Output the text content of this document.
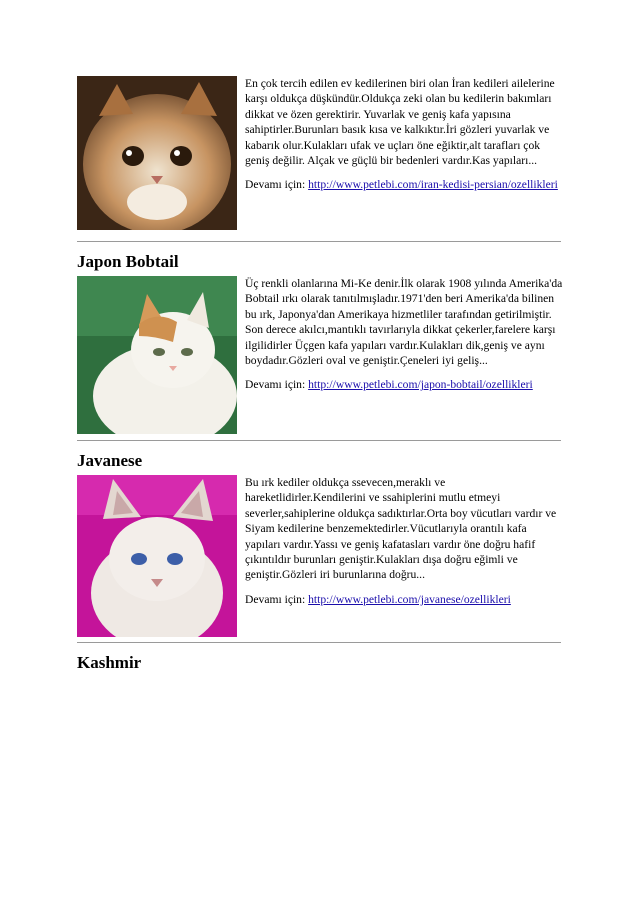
En çok tercih edilen ev kedilerinen biri olan İran kedileri ailelerine karşı oldukça düşkündür.Oldukça zeki olan bu kedilerin bakımları dikkat ve özen gerektirir. Yuvarlak ve geniş kafa yapısına sahiptirler.Burunları basık kısa ve kalkıktır.İri gözleri yuvarlak ve kabarık olur.Kulakları ufak ve uçları öne eğiktir,alt tarafları çok geniş değilir. Alçak ve güçlü bir bedenleri vardır.Kas yapıları...

Devamı için: http://www.petlebi.com/iran-kedisi-persian/ozellikleri

Japon Bobtail

Üç renkli olanlarına Mi-Ke denir.İlk olarak 1908 yılında Amerika'da Bobtail ırkı olarak tanıtılmışladır.1971'den beri Amerika'da bilinen bu ırk, Japonya'dan Amerikaya hizmetliler tarafından getirilmiştir. Son derece akılcı,mantıklı tavırlarıyla dikkat çekerler,farelere karşı ilgilidirler Üçgen kafa yapıları vardır.Kulakları dik,geniş ve aynı boydadır.Gözleri oval ve geniştir.Çeneleri iyi geliş...

Devamı için: http://www.petlebi.com/japon-bobtail/ozellikleri

Javanese

Bu ırk kediler oldukça ssevecen,meraklı ve hareketlidirler.Kendilerini ve ssahiplerini mutlu etmeyi severler,sahiplerine oldukça sadıktırlar.Orta boy vücutları vardır ve Siyam kedilerine benzemektedirler.Vücutlarıyla orantılı kafa yapıları vardır.Yassı ve geniş kafatasları vardır öne doğru hafif çıkıntıldır burunları geniştir.Kulakları dışa doğru eğimli ve geniştir.Gözleri iri burunlarına doğru...

Devamı için: http://www.petlebi.com/javanese/ozellikleri

Kashmir
